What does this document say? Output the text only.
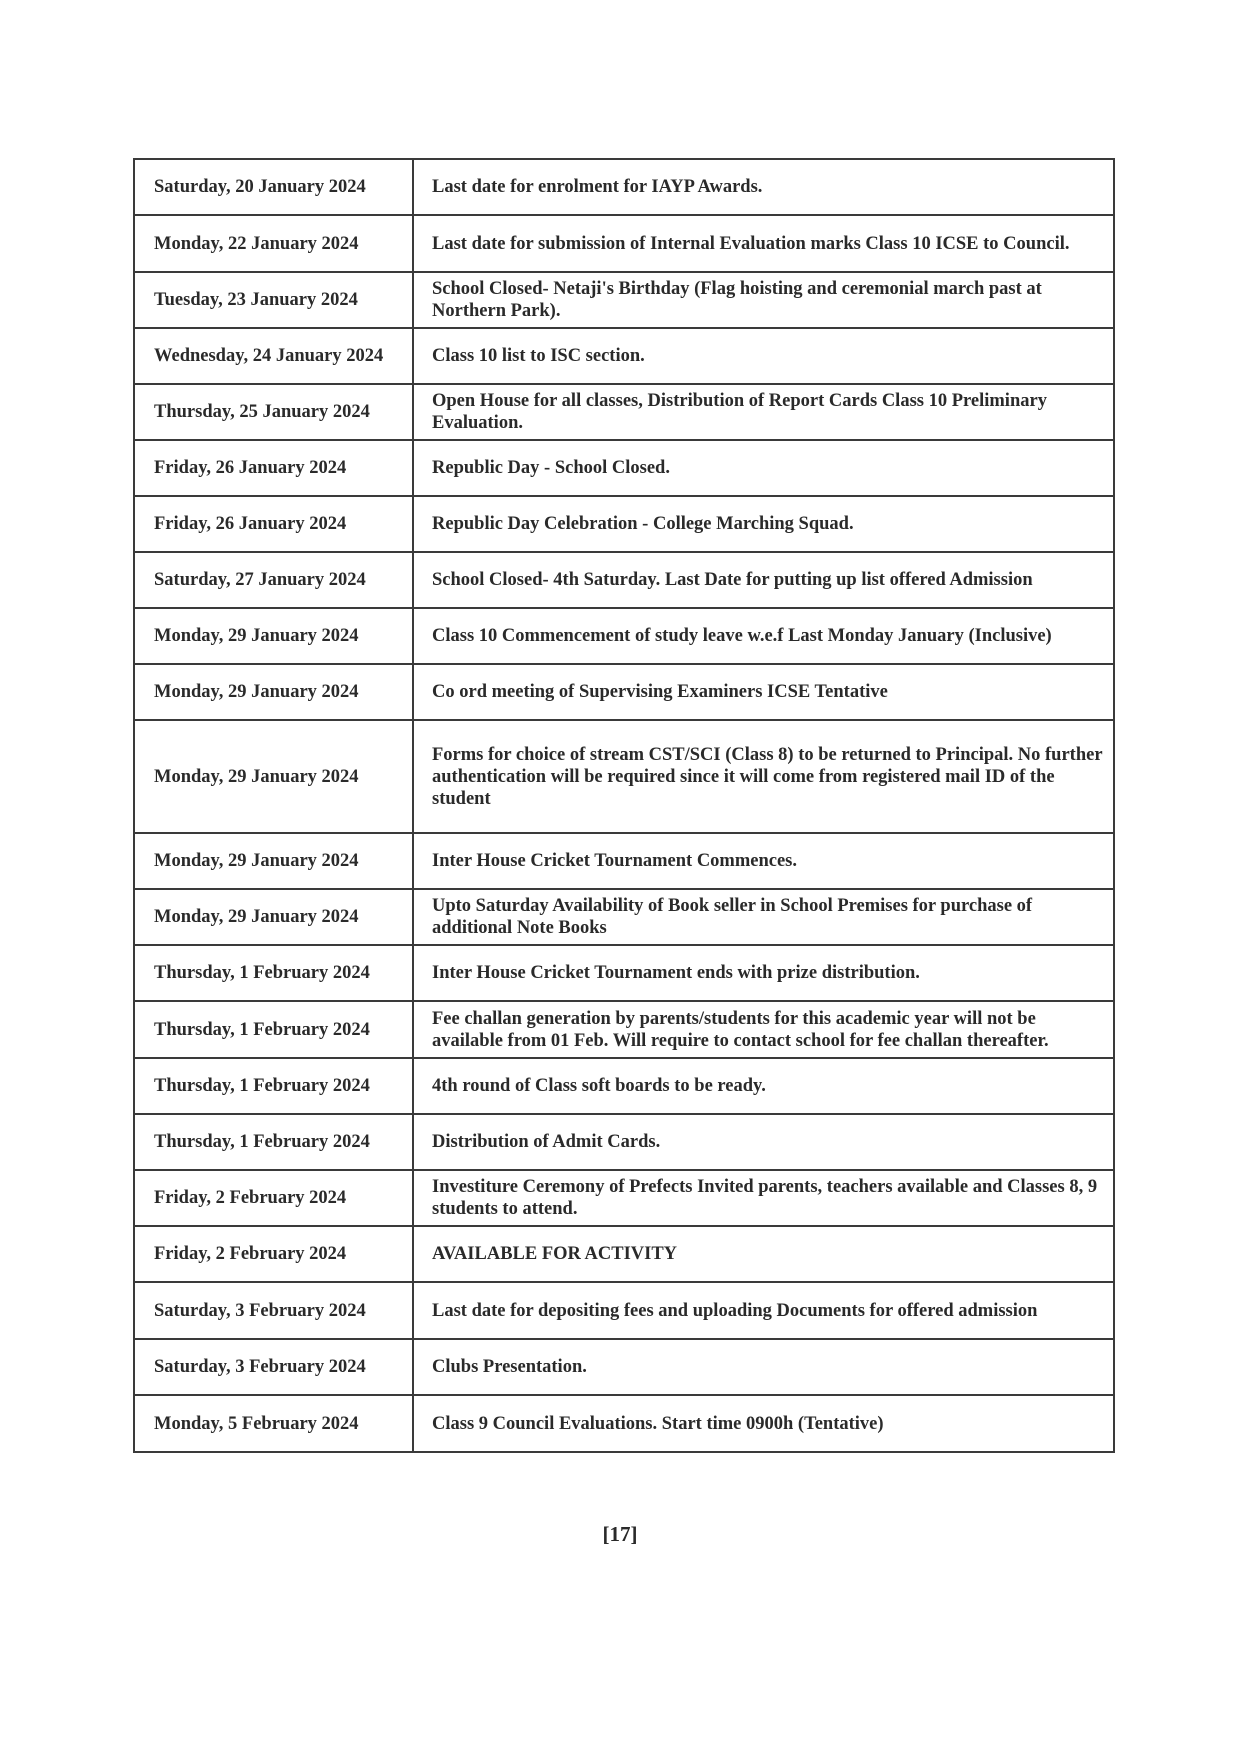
Saturday, 20 January 2024	Last date for enrolment for IAYP Awards.
Monday, 22 January 2024	Last date for submission of Internal Evaluation marks Class 10 ICSE to Council.
Tuesday, 23 January 2024	School Closed- Netaji's Birthday (Flag hoisting and ceremonial march past at Northern Park).
Wednesday, 24 January 2024	Class 10 list to ISC section.
Thursday, 25 January 2024	Open House for all classes, Distribution of Report Cards Class 10 Preliminary Evaluation.
Friday, 26 January 2024	Republic Day - School Closed.
Friday, 26 January 2024	Republic Day Celebration - College Marching Squad.
Saturday, 27 January 2024	School Closed- 4th Saturday. Last Date for putting up list offered Admission
Monday, 29 January 2024	Class 10 Commencement of study leave w.e.f Last Monday January (Inclusive)
Monday, 29 January 2024	Co ord meeting of Supervising Examiners ICSE Tentative
Monday, 29 January 2024	Forms for choice of stream CST/SCI (Class 8) to be returned to Principal. No further authentication will be required since it will come from registered mail ID of the student
Monday, 29 January 2024	Inter House Cricket Tournament Commences.
Monday, 29 January 2024	Upto Saturday Availability of Book seller in School Premises for purchase of additional Note Books
Thursday, 1 February 2024	Inter House Cricket Tournament ends with prize distribution.
Thursday, 1 February 2024	Fee challan generation by parents/students for this academic year will not be available from 01 Feb. Will require to contact school for fee challan thereafter.
Thursday, 1 February 2024	4th round of Class soft boards to be ready.
Thursday, 1 February 2024	Distribution of Admit Cards.
Friday, 2 February 2024	Investiture Ceremony of Prefects Invited parents, teachers available and Classes 8, 9 students to attend.
Friday, 2 February 2024	AVAILABLE FOR ACTIVITY
Saturday, 3 February 2024	Last date for depositing fees and uploading Documents for offered admission
Saturday, 3 February 2024	Clubs Presentation.
Monday, 5 February 2024	Class 9 Council Evaluations. Start time 0900h (Tentative)
[17]
